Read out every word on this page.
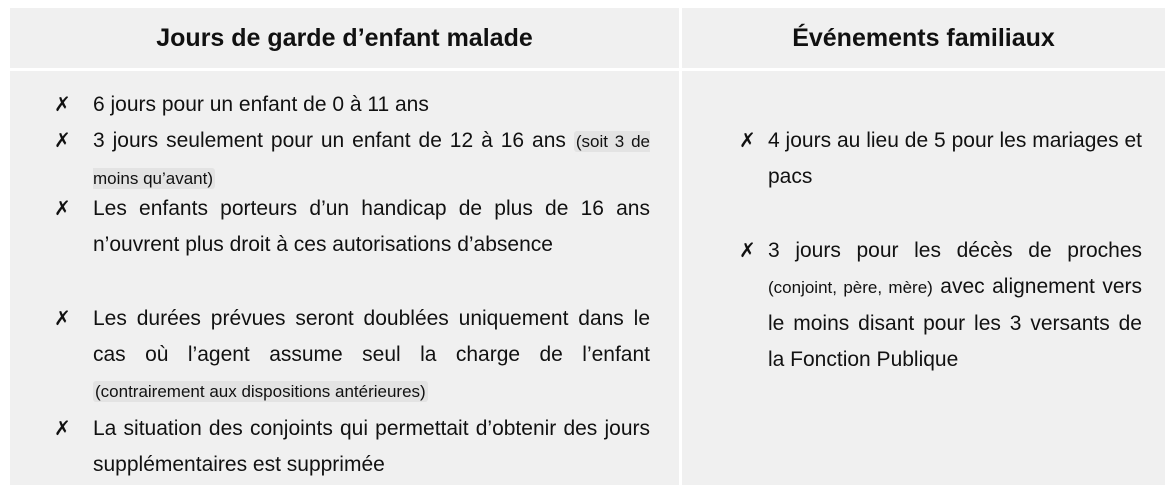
Jours de garde d’enfant malade	Événements familiaux
✗ 6 jours pour un enfant de 0 à 11 ans
✗ 3 jours seulement pour un enfant de 12 à 16 ans (soit 3 de moins qu’avant)
✗ Les enfants porteurs d’un handicap de plus de 16 ans n’ouvrent plus droit à ces autorisations d’absence
✗ Les durées prévues seront doublées uniquement dans le cas où l’agent assume seul la charge de l’enfant (contrairement aux dispositions antérieures)
✗ La situation des conjoints qui permettait d’obtenir des jours supplémentaires est supprimée
✗ 4 jours au lieu de 5 pour les mariages et pacs
✗ 3 jours pour les décès de proches (conjoint, père, mère) avec alignement vers le moins disant pour les 3 versants de la Fonction Publique
